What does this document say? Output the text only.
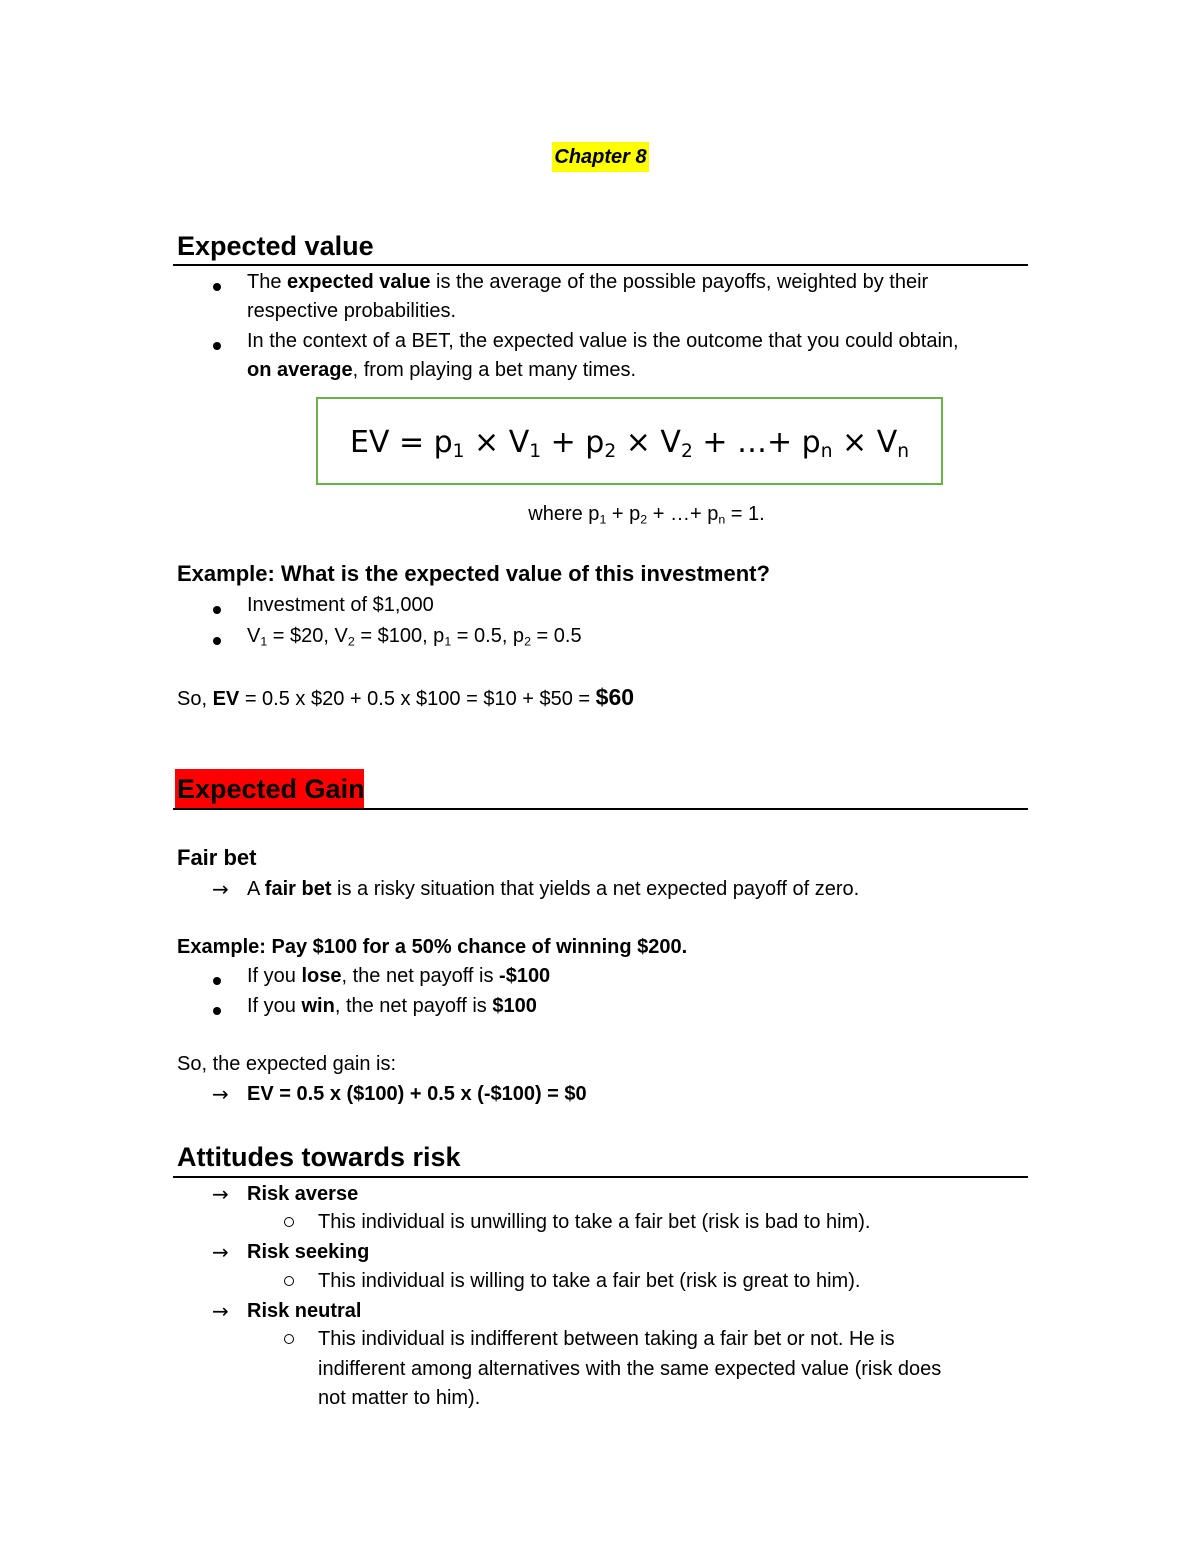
Chapter 8
Expected value
The expected value is the average of the possible payoffs, weighted by their
respective probabilities.
In the context of a BET, the expected value is the outcome that you could obtain,
on average, from playing a bet many times.
EV = $p_1 \times V_1 + p_2 \times V_2$ + …+ $p_n \times V_n$
where $p_1 + p_2$ + …+ $p_n = 1$.
Example: What is the expected value of this investment?
Investment of $1,000
$V_1$ = $20, $V_2$ = $100, $p_1 = 0.5$, $p_2 = 0.5$
So, EV = 0.5 x $20 + 0.5 x $100 = $10 + $50 = $60
Expected Gain
Fair bet
→ A fair bet is a risky situation that yields a net expected payoff of zero.
Example: Pay $100 for a 50% chance of winning $200.
If you lose, the net payoff is -$100
If you win, the net payoff is $100
So, the expected gain is:
→ EV = 0.5 x ($100) + 0.5 x (-$100) = $0
Attitudes towards risk
→ Risk averse
This individual is unwilling to take a fair bet (risk is bad to him).
→ Risk seeking
This individual is willing to take a fair bet (risk is great to him).
→ Risk neutral
This individual is indifferent between taking a fair bet or not. He is
indifferent among alternatives with the same expected value (risk does
not matter to him).
